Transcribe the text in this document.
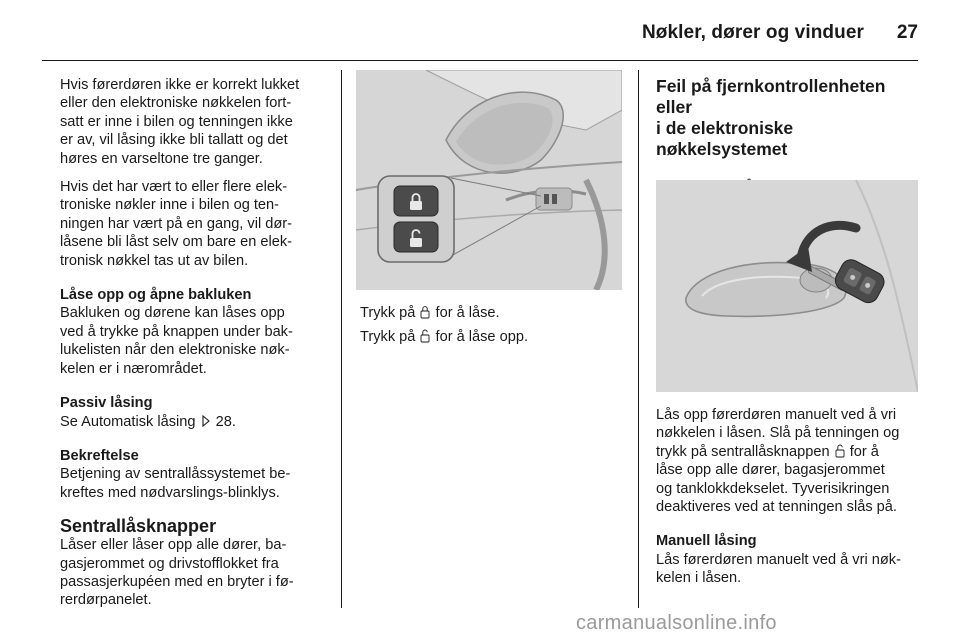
Nøkler, dører og vinduer 27

Hvis førerdøren ikke er korrekt lukket
eller den elektroniske nøkkelen fort-
satt er inne i bilen og tenningen ikke
er av, vil låsing ikke bli tallatt og det
høres en varseltone tre ganger.

Hvis det har vært to eller flere elek-
troniske nøkler inne i bilen og ten-
ningen har vært på en gang, vil dør-
låsene bli låst selv om bare en elek-
tronisk nøkkel tas ut av bilen.

Låse opp og åpne bakluken

Bakluken og dørene kan låses opp
ved å trykke på knappen under bak-
lukelisten når den elektroniske nøk-
kelen er i nærområdet.

Passiv låsing

Se Automatisk låsing  28.

Bekreftelse

Betjening av sentrallåssystemet be-
kreftes med nødvarslings-blinklys.

Sentrallåsknapper

Låser eller låser opp alle dører, ba-
gasjerommet og drivstofflokket fra
passasjerkupéen med en bryter i fø-
rerdørpanelet.

Trykk på  for å låse.

Trykk på  for å låse opp.

Feil på fjernkontrollenheten eller
i de elektroniske
nøkkelsystemet

Lås opp førerdøren manuelt ved å vri
nøkkelen i låsen. Slå på tenningen og
trykk på sentrallåsknappen  for å
låse opp alle dører, bagasjerommet
og tanklokkdekselet. Tyverisikringen
deaktiveres ved at tenningen slås på.

Manuell låsing

Lås førerdøren manuelt ved å vri nøk-
kelen i låsen.

carmanualsonline.info
